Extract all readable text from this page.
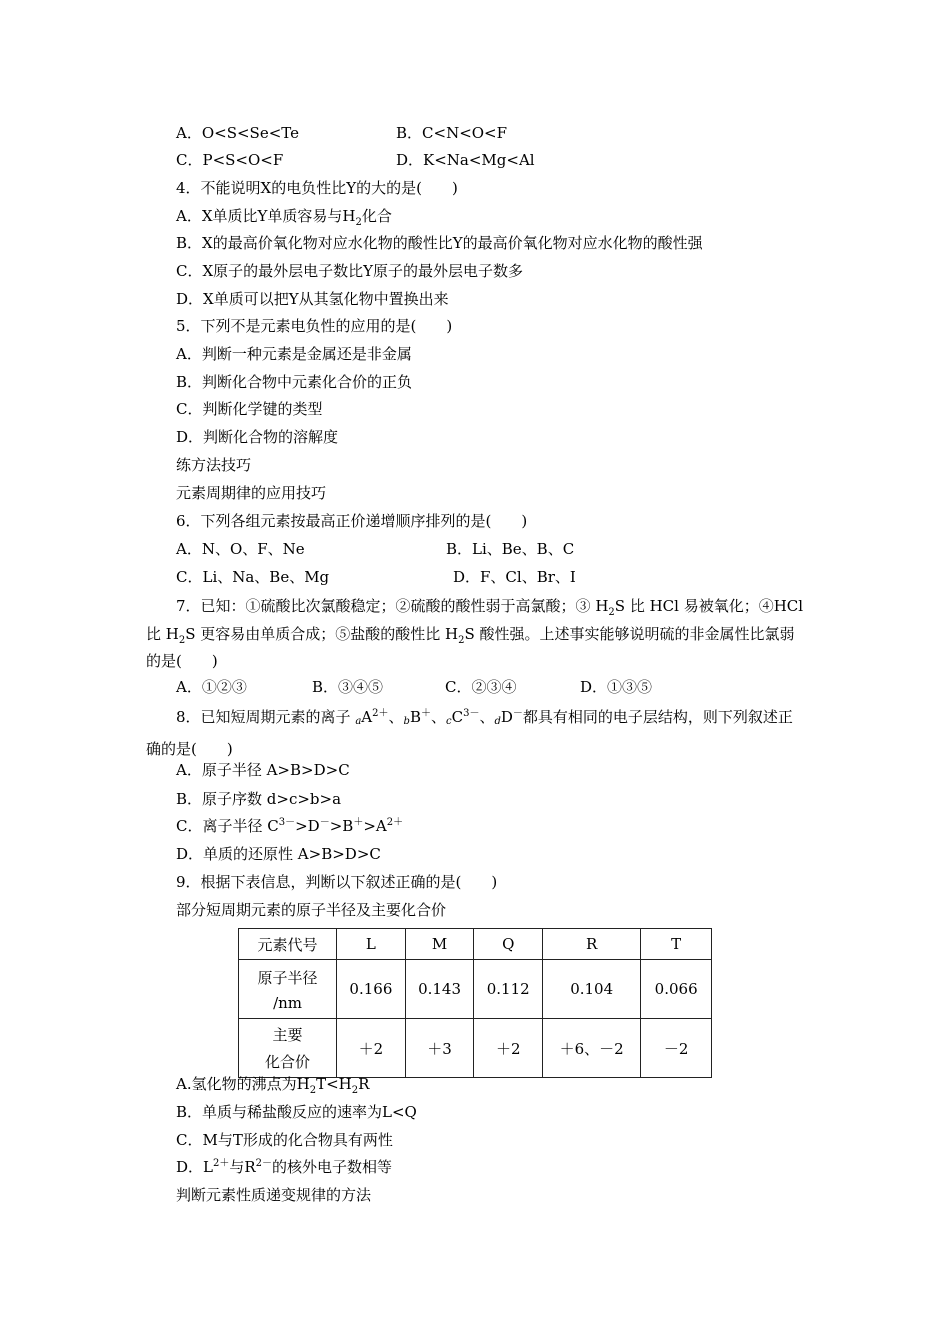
A．O<S<Se<Te	B．C<N<O<F
C．P<S<O<F	D．K<Na<Mg<Al
4．不能说明X的电负性比Y的大的是(　　)
A．X单质比Y单质容易与$H_2$化合
B．X的最高价氧化物对应水化物的酸性比Y的最高价氧化物对应水化物的酸性强
C．X原子的最外层电子数比Y原子的最外层电子数多
D．X单质可以把Y从其氢化物中置换出来
5．下列不是元素电负性的应用的是(　　)
A．判断一种元素是金属还是非金属
B．判断化合物中元素化合价的正负
C．判断化学键的类型
D．判断化合物的溶解度
练方法技巧
元素周期律的应用技巧
6．下列各组元素按最高正价递增顺序排列的是(　　)
A．N、O、F、Ne	B．Li、Be、B、C
C．Li、Na、Be、Mg	D．F、Cl、Br、I
7．已知：①硫酸比次氯酸稳定；②硫酸的酸性弱于高氯酸；③ $H_2S$ 比 HCl 易被氧化；④HCl 比 $H_2S$ 更容易由单质合成；⑤盐酸的酸性比 $H_2S$ 酸性强。上述事实能够说明硫的非金属性比氯弱的是(　　)
A．①②③	B．③④⑤	C．②③④	D．①③⑤
8．已知短周期元素的离子 $aA^{2+}$、bB＋、$cC^{3-}$、dD－都具有相同的电子层结构，则下列叙述正确的是(　　)
A．原子半径 A>B>D>C
B．原子序数 d>c>b>a
C．离子半径 $C^{3-}>D^->B^+>A^{2+}$
D．单质的还原性 A>B>D>C
9．根据下表信息，判断以下叙述正确的是(　　)
部分短周期元素的原子半径及主要化合价
元素代号	L	M	Q	R	T

原子半径
/nm	0.166	0.143	0.112	0.104	0.066

主要
化合价	＋2	＋3	＋2	＋6、－2	－2
A.氢化物的沸点为$H_2T<H_2R$
B．单质与稀盐酸反应的速率为L<Q
C．M与T形成的化合物具有两性
D．$L^{2+}$与$R^{2-}$的核外电子数相等
判断元素性质递变规律的方法
